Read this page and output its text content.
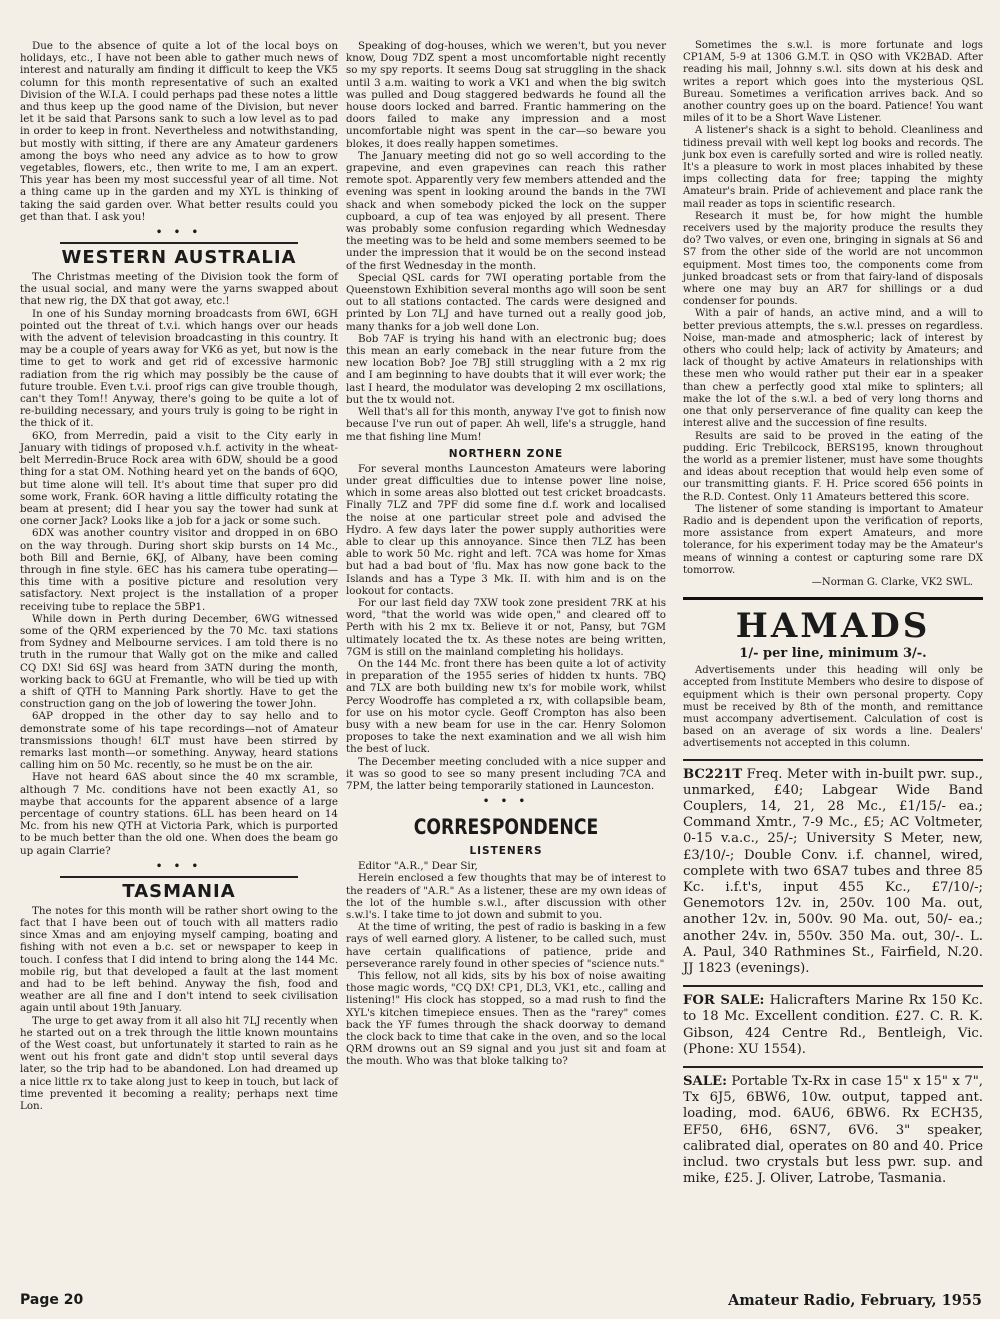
Due to the absence of quite a lot of the local boys on holidays, etc., I have not been able to gather much news of interest and naturally am finding it difficult to keep the VK5 column for this month representative of such an exalted Division of the W.I.A. I could perhaps pad these notes a little and thus keep up the good name of the Division, but never let it be said that Parsons sank to such a low level as to pad in order to keep in front. Nevertheless and notwithstanding, but mostly with sitting, if there are any Amateur gardeners among the boys who need any advice as to how to grow vegetables, flowers, etc., then write to me, I am an expert. This year has been my most successful year of all time. Not a thing came up in the garden and my XYL is thinking of taking the said garden over. What better results could you get than that. I ask you!

• • •
WESTERN AUSTRALIA

The Christmas meeting of the Division took the form of the usual social, and many were the yarns swapped about that new rig, the DX that got away, etc.!

In one of his Sunday morning broadcasts from 6WI, 6GH pointed out the threat of t.v.i. which hangs over our heads with the advent of television broadcasting in this country. It may be a couple of years away for VK6 as yet, but now is the time to get to work and get rid of excessive harmonic radiation from the rig which may possibly be the cause of future trouble. Even t.v.i. proof rigs can give trouble though, can't they Tom!! Anyway, there's going to be quite a lot of re-building necessary, and yours truly is going to be right in the thick of it.

6KO, from Merredin, paid a visit to the City early in January with tidings of proposed v.h.f. activity in the wheat-belt Merredin-Bruce Rock area with 6DW, should be a good thing for a stat OM. Nothing heard yet on the bands of 6QO, but time alone will tell. It's about time that super pro did some work, Frank. 6OR having a little difficulty rotating the beam at present; did I hear you say the tower had sunk at one corner Jack? Looks like a job for a jack or some such.

6DX was another country visitor and dropped in on 6BO on the way through. During short skip bursts on 14 Mc., both Bill and Bernie, 6KJ, of Albany, have been coming through in fine style. 6EC has his camera tube operating—this time with a positive picture and resolution very satisfactory. Next project is the installation of a proper receiving tube to replace the 5BP1.

While down in Perth during December, 6WG witnessed some of the QRM experienced by the 70 Mc. taxi stations from Sydney and Melbourne services. I am told there is no truth in the rumour that Wally got on the mike and called CQ DX! Sid 6SJ was heard from 3ATN during the month, working back to 6GU at Fremantle, who will be tied up with a shift of QTH to Manning Park shortly. Have to get the construction gang on the job of lowering the tower John.

6AP dropped in the other day to say hello and to demonstrate some of his tape recordings—not of Amateur transmissions though! 6LT must have been stirred by remarks last month—or something. Anyway, heard stations calling him on 50 Mc. recently, so he must be on the air.

Have not heard 6AS about since the 40 mx scramble, although 7 Mc. conditions have not been exactly A1, so maybe that accounts for the apparent absence of a large percentage of country stations. 6LL has been heard on 14 Mc. from his new QTH at Victoria Park, which is purported to be much better than the old one. When does the beam go up again Clarrie?

• • •
TASMANIA

The notes for this month will be rather short owing to the fact that I have been out of touch with all matters radio since Xmas and am enjoying myself camping, boating and fishing with not even a b.c. set or newspaper to keep in touch. I confess that I did intend to bring along the 144 Mc. mobile rig, but that developed a fault at the last moment and had to be left behind. Anyway the fish, food and weather are all fine and I don't intend to seek civilisation again until about 19th January.

The urge to get away from it all also hit 7LJ recently when he started out on a trek through the little known mountains of the West coast, but unfortunately it started to rain as he went out his front gate and didn't stop until several days later, so the trip had to be abandoned. Lon had dreamed up a nice little rx to take along just to keep in touch, but lack of time prevented it becoming a reality; perhaps next time Lon.

Speaking of dog-houses, which we weren't, but you never know, Doug 7DZ spent a most uncomfortable night recently so my spy reports. It seems Doug sat struggling in the shack until 3 a.m. waiting to work a VK1 and when the big switch was pulled and Doug staggered bedwards he found all the house doors locked and barred. Frantic hammering on the doors failed to make any impression and a most uncomfortable night was spent in the car—so beware you blokes, it does really happen sometimes.

The January meeting did not go so well according to the grapevine, and even grapevines can reach this rather remote spot. Apparently very few members attended and the evening was spent in looking around the bands in the 7WI shack and when somebody picked the lock on the supper cupboard, a cup of tea was enjoyed by all present. There was probably some confusion regarding which Wednesday the meeting was to be held and some members seemed to be under the impression that it would be on the second instead of the first Wednesday in the month.

Special QSL cards for 7WI operating portable from the Queenstown Exhibition several months ago will soon be sent out to all stations contacted. The cards were designed and printed by Lon 7LJ and have turned out a really good job, many thanks for a job well done Lon.

Bob 7AF is trying his hand with an electronic bug; does this mean an early comeback in the near future from the new location Bob? Joe 7BJ still struggling with a 2 mx rig and I am beginning to have doubts that it will ever work; the last I heard, the modulator was developing 2 mx oscillations, but the tx would not.

Well that's all for this month, anyway I've got to finish now because I've run out of paper. Ah well, life's a struggle, hand me that fishing line Mum!

NORTHERN ZONE

For several months Launceston Amateurs were laboring under great difficulties due to intense power line noise, which in some areas also blotted out test cricket broadcasts. Finally 7LZ and 7PF did some fine d.f. work and localised the noise at one particular street pole and advised the Hydro. A few days later the power supply authorities were able to clear up this annoyance. Since then 7LZ has been able to work 50 Mc. right and left. 7CA was home for Xmas but had a bad bout of 'flu. Max has now gone back to the Islands and has a Type 3 Mk. II. with him and is on the lookout for contacts.

For our last field day 7XW took zone president 7RK at his word, "that the world was wide open," and cleared off to Perth with his 2 mx tx. Believe it or not, Pansy, but 7GM ultimately located the tx. As these notes are being written, 7GM is still on the mainland completing his holidays.

On the 144 Mc. front there has been quite a lot of activity in preparation of the 1955 series of hidden tx hunts. 7BQ and 7LX are both building new tx's for mobile work, whilst Percy Woodroffe has completed a rx, with collapsible beam, for use on his motor cycle. Geoff Crompton has also been busy with a new beam for use in the car. Henry Solomon proposes to take the next examination and we all wish him the best of luck.

The December meeting concluded with a nice supper and it was so good to see so many present including 7CA and 7PM, the latter being temporarily stationed in Launceston.

• • •
CORRESPONDENCE
LISTENERS

Editor "A.R.," Dear Sir,

Herein enclosed a few thoughts that may be of interest to the readers of "A.R." As a listener, these are my own ideas of the lot of the humble s.w.l., after discussion with other s.w.l's. I take time to jot down and submit to you.

At the time of writing, the pest of radio is basking in a few rays of well earned glory. A listener, to be called such, must have certain qualifications of patience, pride and perseverance rarely found in other species of "science nuts."

This fellow, not all kids, sits by his box of noise awaiting those magic words, "CQ DX! CP1, DL3, VK1, etc., calling and listening!" His clock has stopped, so a mad rush to find the XYL's kitchen timepiece ensues. Then as the "rarey" comes back the YF fumes through the shack doorway to demand the clock back to time that cake in the oven, and so the local QRM drowns out an S9 signal and you just sit and foam at the mouth. Who was that bloke talking to?

Sometimes the s.w.l. is more fortunate and logs CP1AM, 5-9 at 1306 G.M.T. in QSO with VK2BAD. After reading his mail, Johnny s.w.l. sits down at his desk and writes a report which goes into the mysterious QSL Bureau. Sometimes a verification arrives back. And so another country goes up on the board. Patience! You want miles of it to be a Short Wave Listener.

A listener's shack is a sight to behold. Cleanliness and tidiness prevail with well kept log books and records. The junk box even is carefully sorted and wire is rolled neatly. It's a pleasure to work in most places inhabited by these imps collecting data for free; tapping the mighty Amateur's brain. Pride of achievement and place rank the mail reader as tops in scientific research.

Research it must be, for how might the humble receivers used by the majority produce the results they do? Two valves, or even one, bringing in signals at S6 and S7 from the other side of the world are not uncommon equipment. Most times too, the components come from junked broadcast sets or from that fairy-land of disposals where one may buy an AR7 for shillings or a dud condenser for pounds.

With a pair of hands, an active mind, and a will to better previous attempts, the s.w.l. presses on regardless. Noise, man-made and atmospheric; lack of interest by others who could help; lack of activity by Amateurs; and lack of thought by active Amateurs in relationships with these men who would rather put their ear in a speaker than chew a perfectly good xtal mike to splinters; all make the lot of the s.w.l. a bed of very long thorns and one that only perserverance of fine quality can keep the interest alive and the succession of fine results.

Results are said to be proved in the eating of the pudding. Eric Trebilcock, BERS195, known throughout the world as a premier listener, must have some thoughts and ideas about reception that would help even some of our transmitting giants. F. H. Price scored 656 points in the R.D. Contest. Only 11 Amateurs bettered this score.

The listener of some standing is important to Amateur Radio and is dependent upon the verification of reports, more assistance from expert Amateurs, and more tolerance, for his experiment today may be the Amateur's means of winning a contest or capturing some rare DX tomorrow.

—Norman G. Clarke, VK2 SWL.

HAMADS
1/- per line, minimum 3/-.

Advertisements under this heading will only be accepted from Institute Members who desire to dispose of equipment which is their own personal property. Copy must be received by 8th of the month, and remittance must accompany advertisement. Calculation of cost is based on an average of six words a line. Dealers' advertisements not accepted in this column.

BC221T Freq. Meter with in-built pwr. sup., unmarked, £40; Labgear Wide Band Couplers, 14, 21, 28 Mc., £1/15/- ea.; Command Xmtr., 7-9 Mc., £5; AC Voltmeter, 0-15 v.a.c., 25/-; University S Meter, new, £3/10/-; Double Conv. i.f. channel, wired, complete with two 6SA7 tubes and three 85 Kc. i.f.t's, input 455 Kc., £7/10/-; Genemotors 12v. in, 250v. 100 Ma. out, another 12v. in, 500v. 90 Ma. out, 50/- ea.; another 24v. in, 550v. 350 Ma. out, 30/-. L. A. Paul, 340 Rathmines St., Fairfield, N.20. JJ 1823 (evenings).

FOR SALE: Halicrafters Marine Rx 150 Kc. to 18 Mc. Excellent condition. £27. C. R. K. Gibson, 424 Centre Rd., Bentleigh, Vic. (Phone: XU 1554).

SALE: Portable Tx-Rx in case 15" x 15" x 7", Tx 6J5, 6BW6, 10w. output, tapped ant. loading, mod. 6AU6, 6BW6. Rx ECH35, EF50, 6H6, 6SN7, 6V6. 3" speaker, calibrated dial, operates on 80 and 40. Price includ. two crystals but less pwr. sup. and mike, £25. J. Oliver, Latrobe, Tasmania.

Page 20	Amateur Radio, February, 1955
